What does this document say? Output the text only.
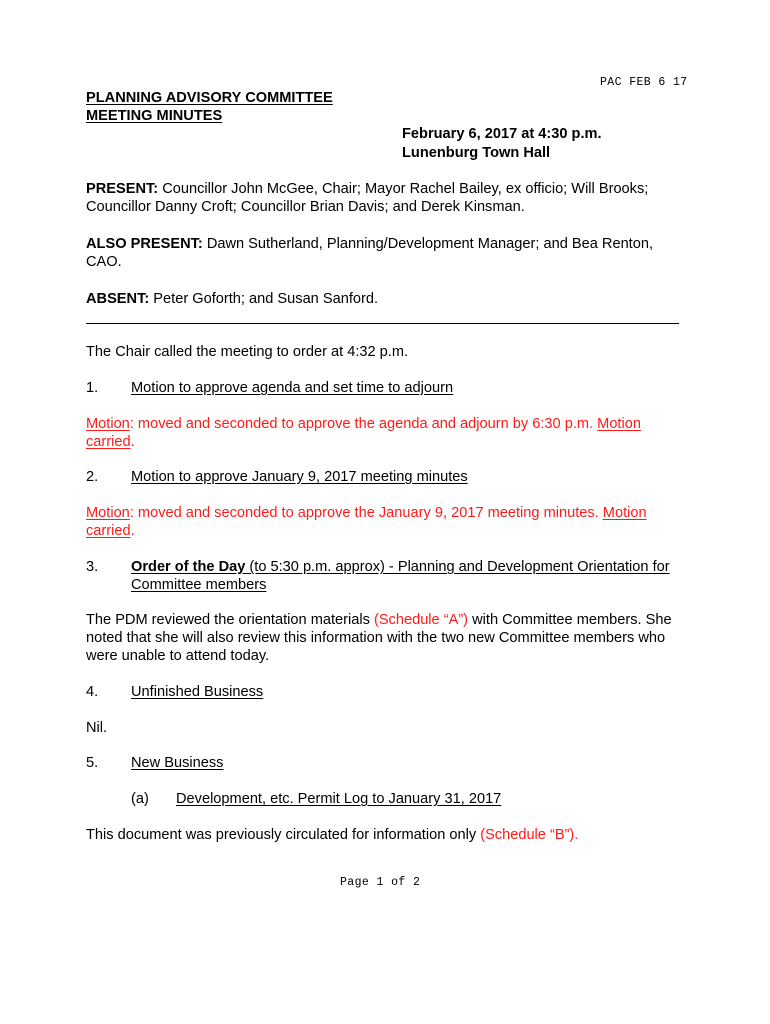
PAC FEB 6 17
PLANNING ADVISORY COMMITTEE
MEETING MINUTES
February 6, 2017 at 4:30 p.m.
Lunenburg Town Hall

PRESENT: Councillor John McGee, Chair; Mayor Rachel Bailey, ex officio; Will Brooks; Councillor Danny Croft; Councillor Brian Davis; and Derek Kinsman.

ALSO PRESENT: Dawn Sutherland, Planning/Development Manager; and Bea Renton, CAO.

ABSENT: Peter Goforth; and Susan Sanford.

The Chair called the meeting to order at 4:32 p.m.

1. Motion to approve agenda and set time to adjourn

Motion: moved and seconded to approve the agenda and adjourn by 6:30 p.m. Motion carried.

2. Motion to approve January 9, 2017 meeting minutes

Motion: moved and seconded to approve the January 9, 2017 meeting minutes. Motion carried.

3. Order of the Day (to 5:30 p.m. approx) - Planning and Development Orientation for Committee members

The PDM reviewed the orientation materials (Schedule “A”) with Committee members. She noted that she will also review this information with the two new Committee members who were unable to attend today.

4. Unfinished Business

Nil.

5. New Business
(a) Development, etc. Permit Log to January 31, 2017

This document was previously circulated for information only (Schedule “B”).

Page 1 of 2
